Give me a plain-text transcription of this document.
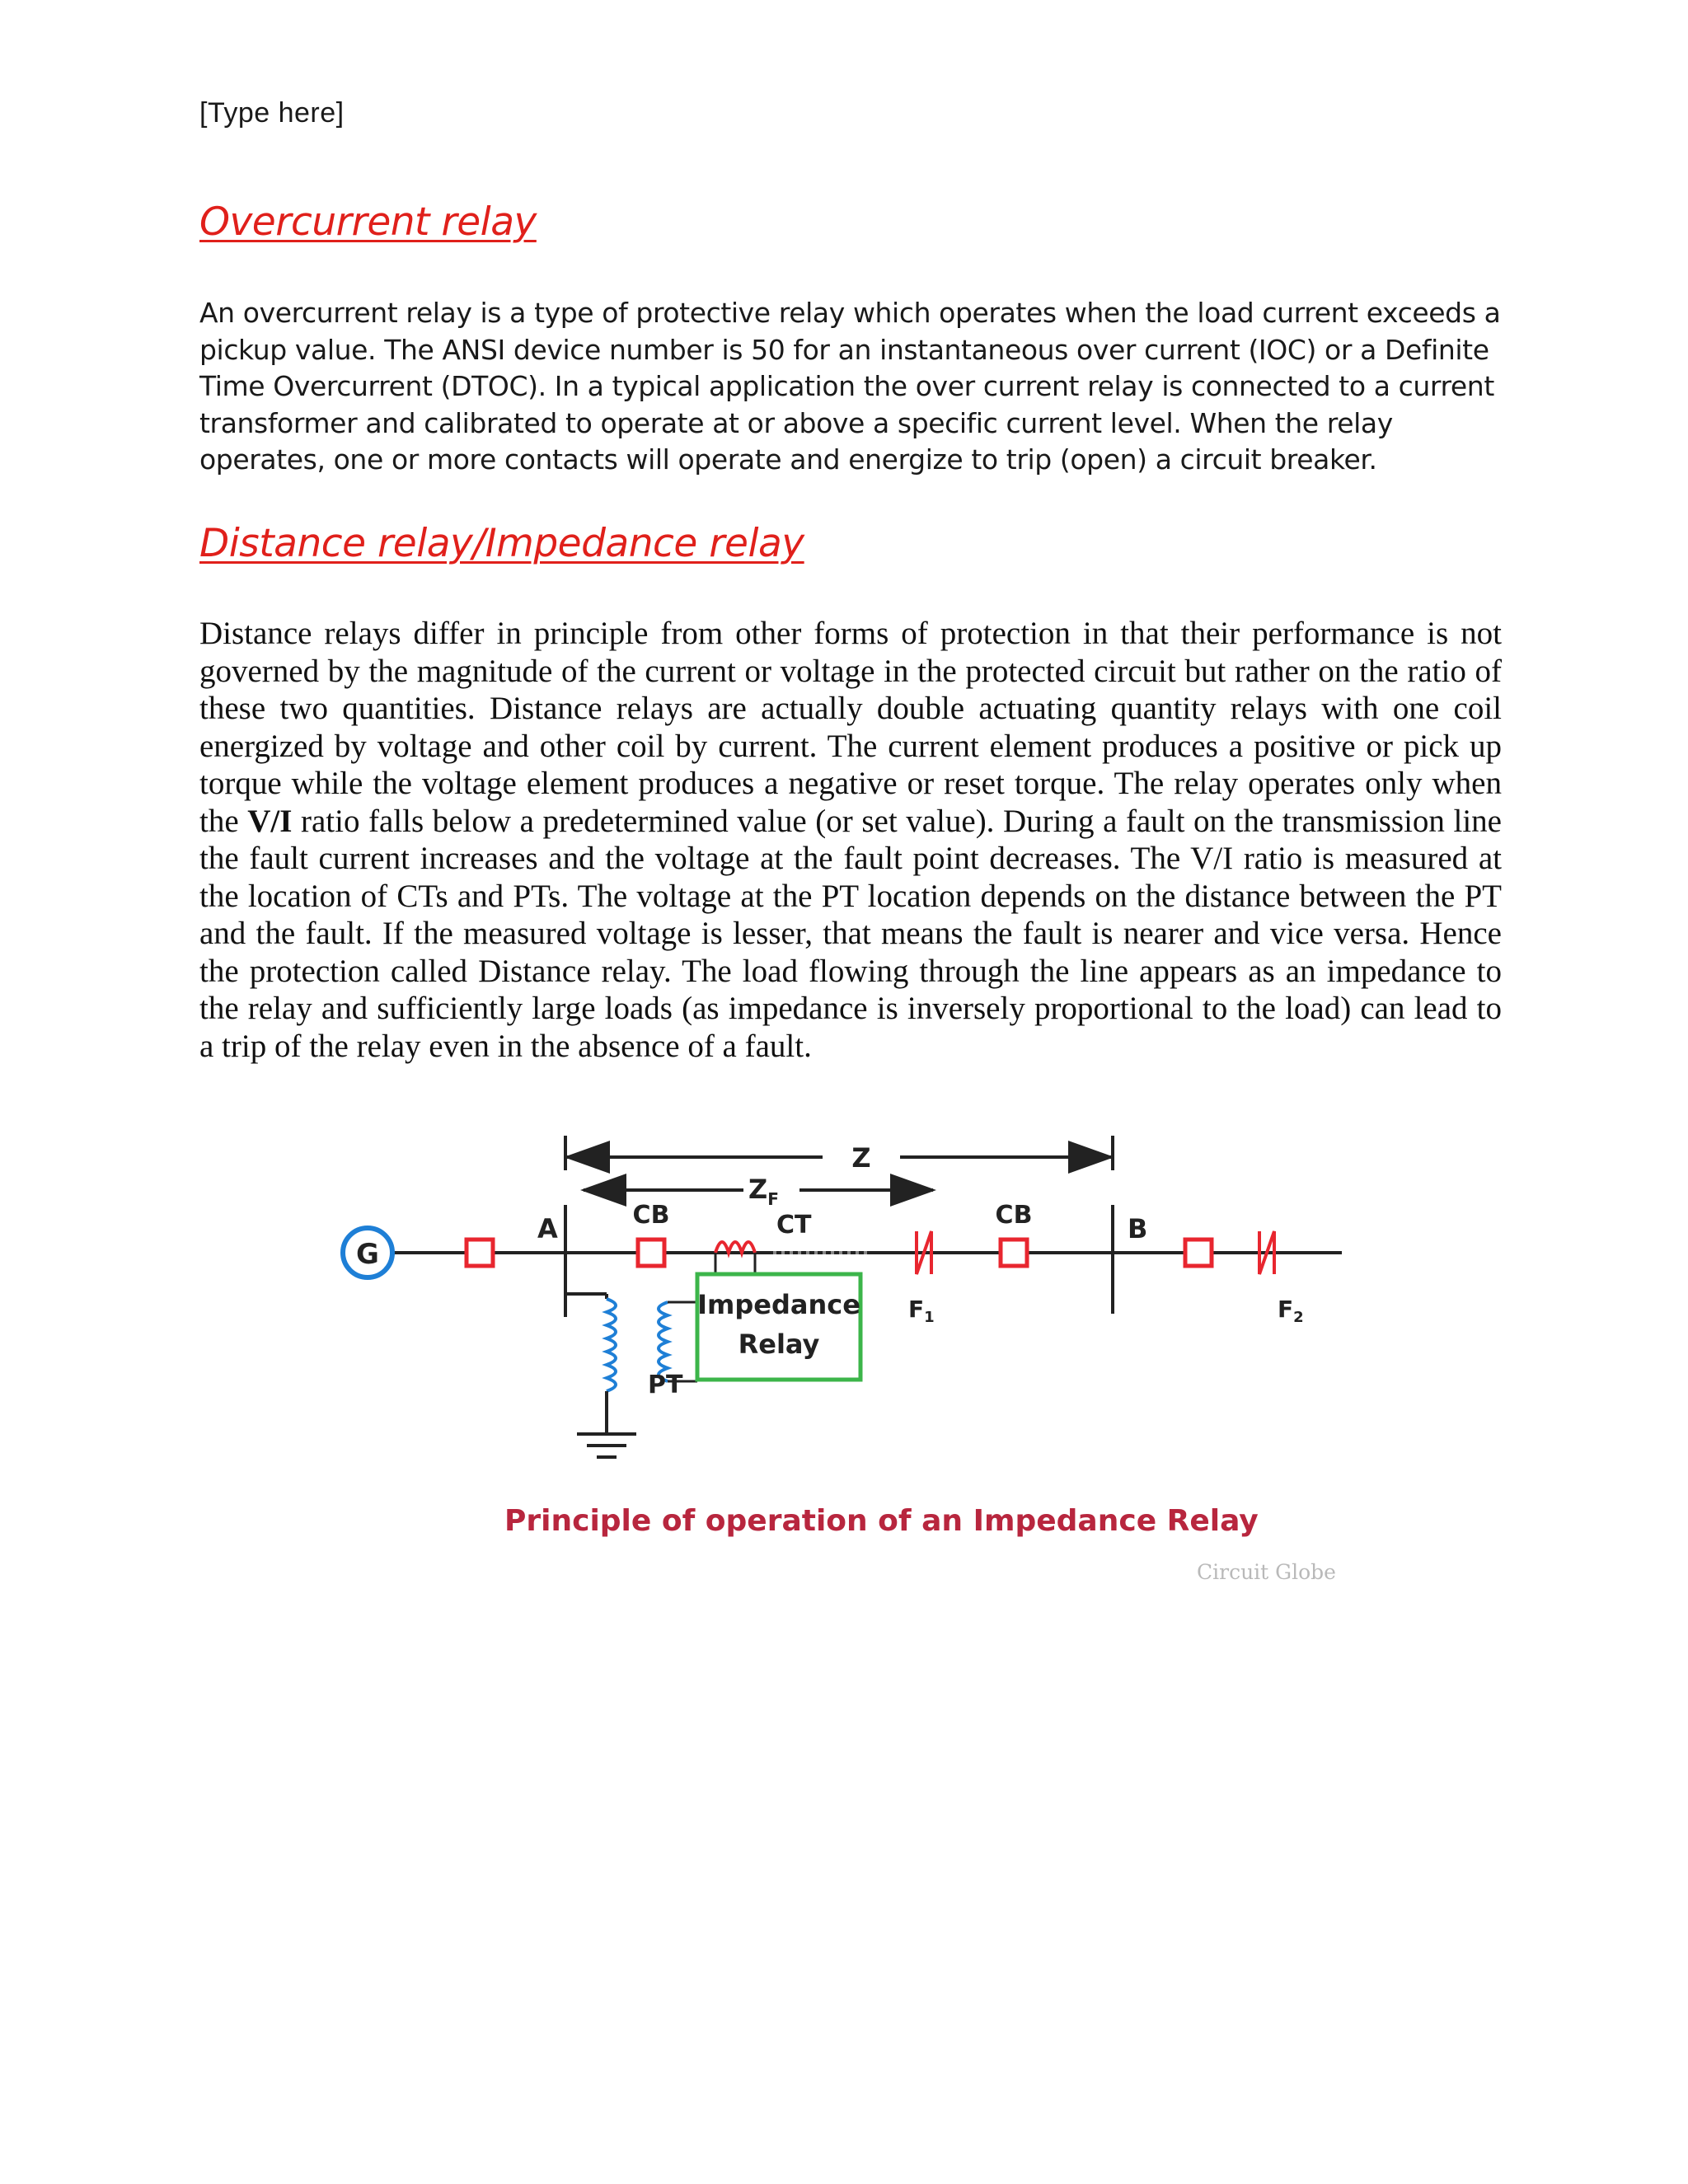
[Type here]
Overcurrent relay

An overcurrent relay is a type of protective relay which operates when the load current exceeds a pickup value. The ANSI device number is 50 for an instantaneous over current (IOC) or a Definite Time Overcurrent (DTOC). In a typical application the over current relay is connected to a current transformer and calibrated to operate at or above a specific current level. When the relay operates, one or more contacts will operate and energize to trip (open) a circuit breaker.

Distance relay/Impedance relay

Distance relays differ in principle from other forms of protection in that their performance is not governed by the magnitude of the current or voltage in the protected circuit but rather on the ratio of these two quantities. Distance relays are actually double actuating quantity relays with one coil energized by voltage and other coil by current. The current element produces a positive or pick up torque while the voltage element produces a negative or reset torque. The relay operates only when the V/I ratio falls below a predetermined value (or set value). During a fault on the transmission line the fault current increases and the voltage at the fault point decreases. The V/I ratio is measured at the location of CTs and PTs. The voltage at the PT location depends on the distance between the PT and the fault. If the measured voltage is lesser, that means the fault is nearer and vice versa. Hence the protection called Distance relay. The load flowing through the line appears as an impedance to the relay and sufficiently large loads (as impedance is inversely proportional to the load) can lead to a trip of the relay even in the absence of a fault.

Z
$Z_F$
G
A	CB	CT
$F_1$
CB	B
$F_2$
PT
Impedance
Relay
Principle of operation of an Impedance Relay
Circuit Globe
